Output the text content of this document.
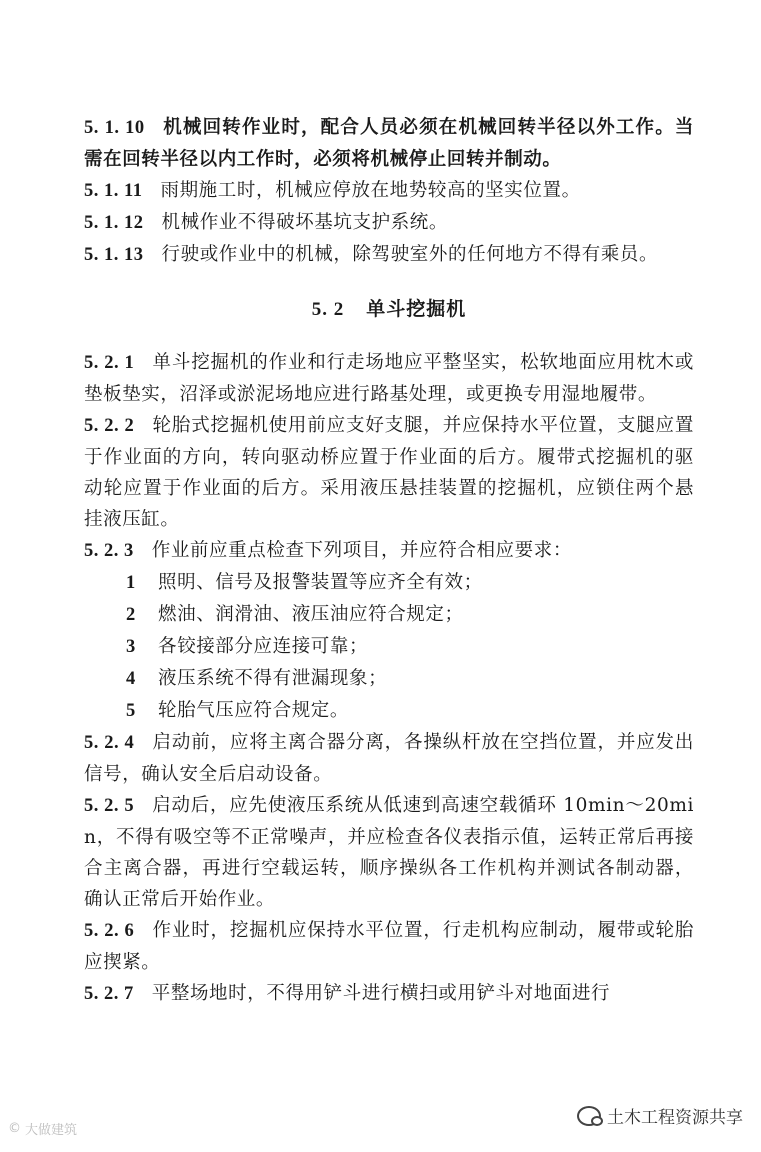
5. 1. 10 机械回转作业时，配合人员必须在机械回转半径以外工作。当需在回转半径以内工作时，必须将机械停止回转并制动。

5. 1. 11 雨期施工时，机械应停放在地势较高的坚实位置。

5. 1. 12 机械作业不得破坏基坑支护系统。

5. 1. 13 行驶或作业中的机械，除驾驶室外的任何地方不得有乘员。

5. 2 单斗挖掘机

5. 2. 1 单斗挖掘机的作业和行走场地应平整坚实，松软地面应用枕木或垫板垫实，沼泽或淤泥场地应进行路基处理，或更换专用湿地履带。

5. 2. 2 轮胎式挖掘机使用前应支好支腿，并应保持水平位置，支腿应置于作业面的方向，转向驱动桥应置于作业面的后方。履带式挖掘机的驱动轮应置于作业面的后方。采用液压悬挂装置的挖掘机，应锁住两个悬挂液压缸。

5. 2. 3 作业前应重点检查下列项目，并应符合相应要求：

1 照明、信号及报警装置等应齐全有效；
2 燃油、润滑油、液压油应符合规定；
3 各铰接部分应连接可靠；
4 液压系统不得有泄漏现象；
5 轮胎气压应符合规定。

5. 2. 4 启动前，应将主离合器分离，各操纵杆放在空挡位置，并应发出信号，确认安全后启动设备。

5. 2. 5 启动后，应先使液压系统从低速到高速空载循环 10min～20min，不得有吸空等不正常噪声，并应检查各仪表指示值，运转正常后再接合主离合器，再进行空载运转，顺序操纵各工作机构并测试各制动器，确认正常后开始作业。

5. 2. 6 作业时，挖掘机应保持水平位置，行走机构应制动，履带或轮胎应揳紧。

5. 2. 7 平整场地时，不得用铲斗进行横扫或用铲斗对地面进行

土木工程资源共享
© 大做建筑
